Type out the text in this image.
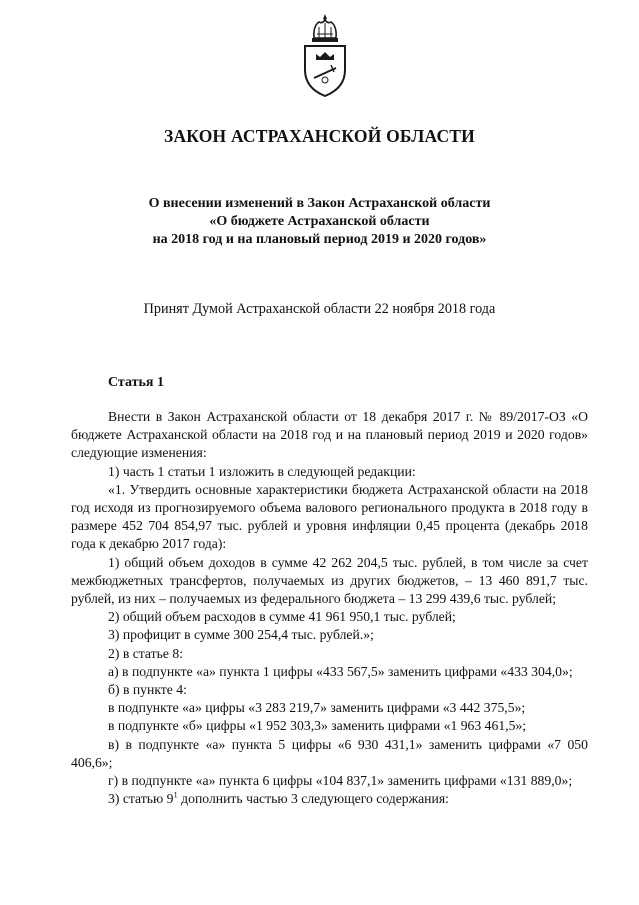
ЗАКОН АСТРАХАНСКОЙ ОБЛАСТИ
О внесении изменений в Закон Астраханской области
«О бюджете Астраханской области
на 2018 год и на плановый период 2019 и 2020 годов»
Принят Думой Астраханской области 22 ноября 2018 года
Статья 1

Внести в Закон Астраханской области от 18 декабря 2017 г. № 89/2017-ОЗ «О бюджете Астраханской области на 2018 год и на плановый период 2019 и 2020 годов» следующие изменения:

1) часть 1 статьи 1 изложить в следующей редакции:

«1. Утвердить основные характеристики бюджета Астраханской области на 2018 год исходя из прогнозируемого объема валового регионального продукта в 2018 году в размере 452 704 854,97 тыс. рублей и уровня инфляции 0,45 процента (декабрь 2018 года к декабрю 2017 года):

1) общий объем доходов в сумме 42 262 204,5 тыс. рублей, в том числе за счет межбюджетных трансфертов, получаемых из других бюджетов, – 13 460 891,7 тыс. рублей, из них – получаемых из федерального бюджета – 13 299 439,6 тыс. рублей;

2) общий объем расходов в сумме 41 961 950,1 тыс. рублей;

3) профицит в сумме 300 254,4 тыс. рублей.»;

2) в статье 8:

а) в подпункте «а» пункта 1 цифры «433 567,5» заменить цифрами «433 304,0»;

б) в пункте 4:

в подпункте «а» цифры «3 283 219,7» заменить цифрами «3 442 375,5»;

в подпункте «б» цифры «1 952 303,3» заменить цифрами «1 963 461,5»;

в) в подпункте «а» пункта 5 цифры «6 930 431,1» заменить цифрами «7 050 406,6»;

г) в подпункте «а» пункта 6 цифры «104 837,1» заменить цифрами «131 889,0»;

3) статью $9^1$ дополнить частью 3 следующего содержания:
